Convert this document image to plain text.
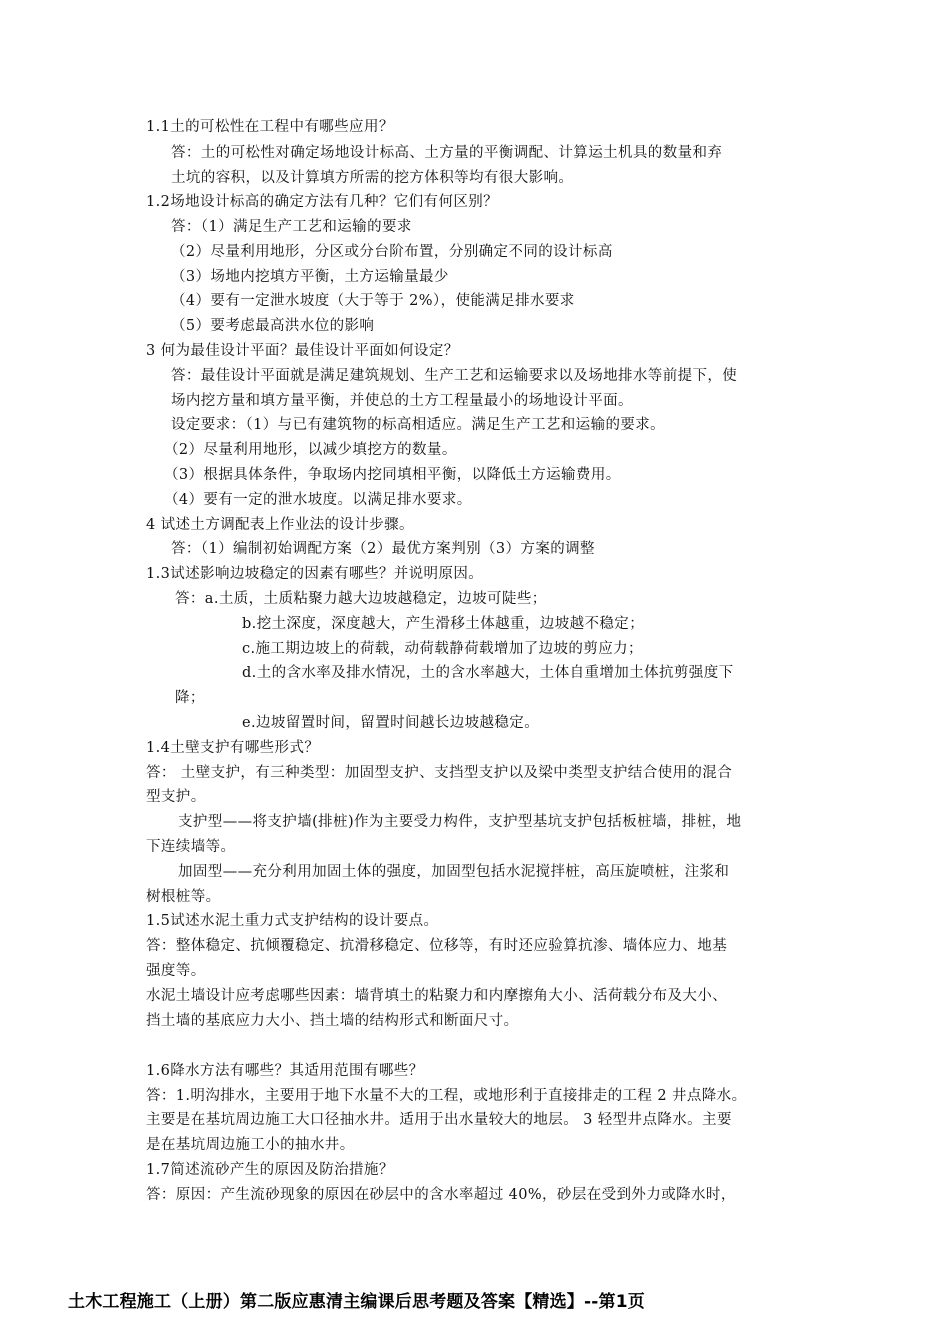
1.1土的可松性在工程中有哪些应用？
答：土的可松性对确定场地设计标高、土方量的平衡调配、计算运土机具的数量和弃
土坑的容积，以及计算填方所需的挖方体积等均有很大影响。
1.2场地设计标高的确定方法有几种？它们有何区别？
答：（1）满足生产工艺和运输的要求
（2）尽量利用地形，分区或分台阶布置，分别确定不同的设计标高
（3）场地内挖填方平衡，土方运输量最少
（4）要有一定泄水坡度（大于等于 2%），使能满足排水要求
（5）要考虑最高洪水位的影响
3 何为最佳设计平面？最佳设计平面如何设定？
答：最佳设计平面就是满足建筑规划、生产工艺和运输要求以及场地排水等前提下，使
场内挖方量和填方量平衡，并使总的土方工程量最小的场地设计平面。
设定要求：（1）与已有建筑物的标高相适应。满足生产工艺和运输的要求。
（2）尽量利用地形，以减少填挖方的数量。
（3）根据具体条件，争取场内挖同填相平衡，以降低土方运输费用。
（4）要有一定的泄水坡度。以满足排水要求。
4 试述土方调配表上作业法的设计步骤。
答：（1）编制初始调配方案（2）最优方案判别（3）方案的调整
1.3试述影响边坡稳定的因素有哪些？并说明原因。
答：a.土质，土质粘聚力越大边坡越稳定，边坡可陡些；
b.挖土深度，深度越大，产生滑移土体越重，边坡越不稳定；
c.施工期边坡上的荷载，动荷载静荷载增加了边坡的剪应力；
d.土的含水率及排水情况，土的含水率越大，土体自重增加土体抗剪强度下
降；
e.边坡留置时间，留置时间越长边坡越稳定。
1.4土壁支护有哪些形式？
答： 土壁支护，有三种类型：加固型支护、支挡型支护以及梁中类型支护结合使用的混合
型支护。
支护型——将支护墙(排桩)作为主要受力构件，支护型基坑支护包括板桩墙，排桩，地
下连续墙等。
加固型——充分利用加固土体的强度，加固型包括水泥搅拌桩，高压旋喷桩，注浆和
树根桩等。
1.5试述水泥土重力式支护结构的设计要点。
答：整体稳定、抗倾覆稳定、抗滑移稳定、位移等，有时还应验算抗渗、墙体应力、地基
强度等。
水泥土墙设计应考虑哪些因素：墙背填土的粘聚力和内摩擦角大小、活荷载分布及大小、
挡土墙的基底应力大小、挡土墙的结构形式和断面尺寸。
1.6降水方法有哪些？其适用范围有哪些？
答：1.明沟排水，主要用于地下水量不大的工程，或地形利于直接排走的工程 2 井点降水。
主要是在基坑周边施工大口径抽水井。适用于出水量较大的地层。 3 轻型井点降水。主要
是在基坑周边施工小的抽水井。
1.7简述流砂产生的原因及防治措施？
答：原因：产生流砂现象的原因在砂层中的含水率超过 40%，砂层在受到外力或降水时，
土木工程施工（上册）第二版应惠清主编课后思考题及答案【精选】--第1页
